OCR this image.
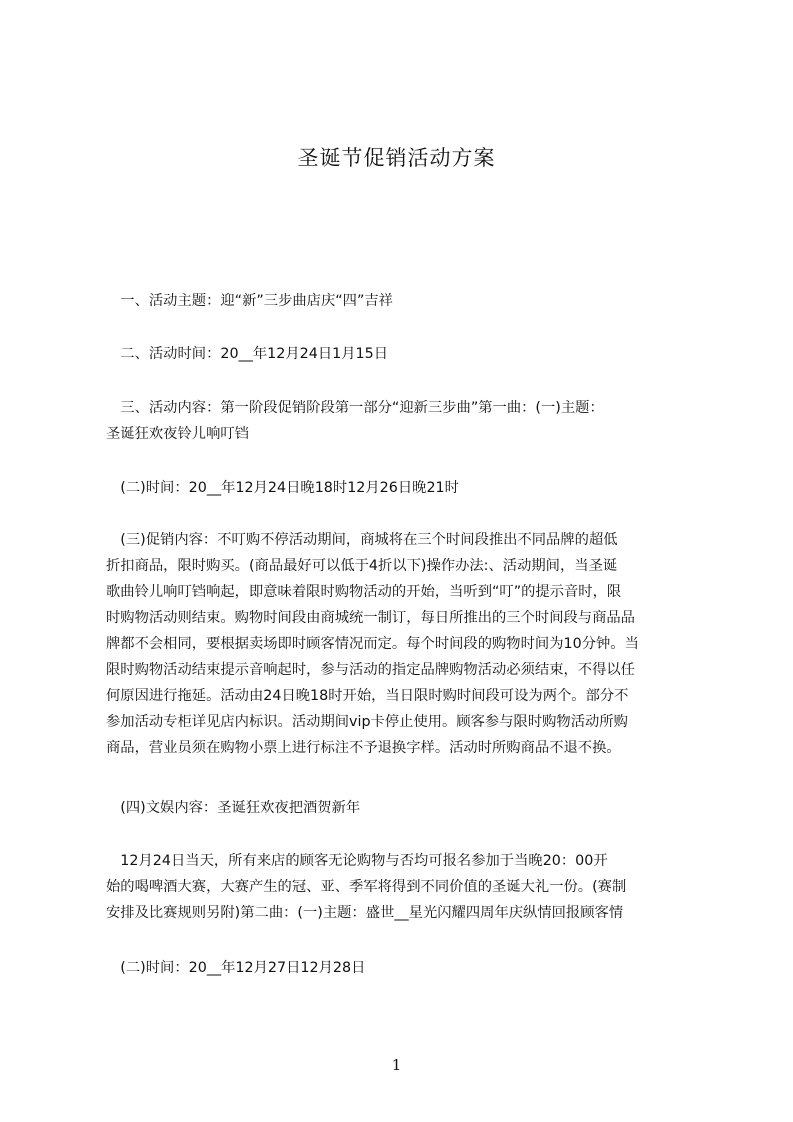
圣诞节促销活动方案
　一、活动主题：迎“新”三步曲店庆“四”吉祥
　二、活动时间：20__年12月24日1月15日
　三、活动内容：第一阶段促销阶段第一部分“迎新三步曲”第一曲：(一)主题：
圣诞狂欢夜铃儿响叮铛
　(二)时间：20__年12月24日晚18时12月26日晚21时
　(三)促销内容：不叮购不停活动期间，商城将在三个时间段推出不同品牌的超低
折扣商品，限时购买。(商品最好可以低于4折以下)操作办法:、活动期间，当圣诞
歌曲铃儿响叮铛响起，即意味着限时购物活动的开始，当听到“叮”的提示音时，限
时购物活动则结束。购物时间段由商城统一制订，每日所推出的三个时间段与商品品
牌都不会相同，要根据卖场即时顾客情况而定。每个时间段的购物时间为10分钟。当
限时购物活动结束提示音响起时，参与活动的指定品牌购物活动必须结束，不得以任
何原因进行拖延。活动由24日晚18时开始，当日限时购时间段可设为两个。部分不
参加活动专柜详见店内标识。活动期间vip卡停止使用。顾客参与限时购物活动所购
商品，营业员须在购物小票上进行标注不予退换字样。活动时所购商品不退不换。
　(四)文娱内容：圣诞狂欢夜把酒贺新年
　12月24日当天，所有来店的顾客无论购物与否均可报名参加于当晚20：00开
始的喝啤酒大赛，大赛产生的冠、亚、季军将得到不同价值的圣诞大礼一份。(赛制
安排及比赛规则另附)第二曲：(一)主题：盛世__星光闪耀四周年庆纵情回报顾客情
　(二)时间：20__年12月27日12月28日
1
